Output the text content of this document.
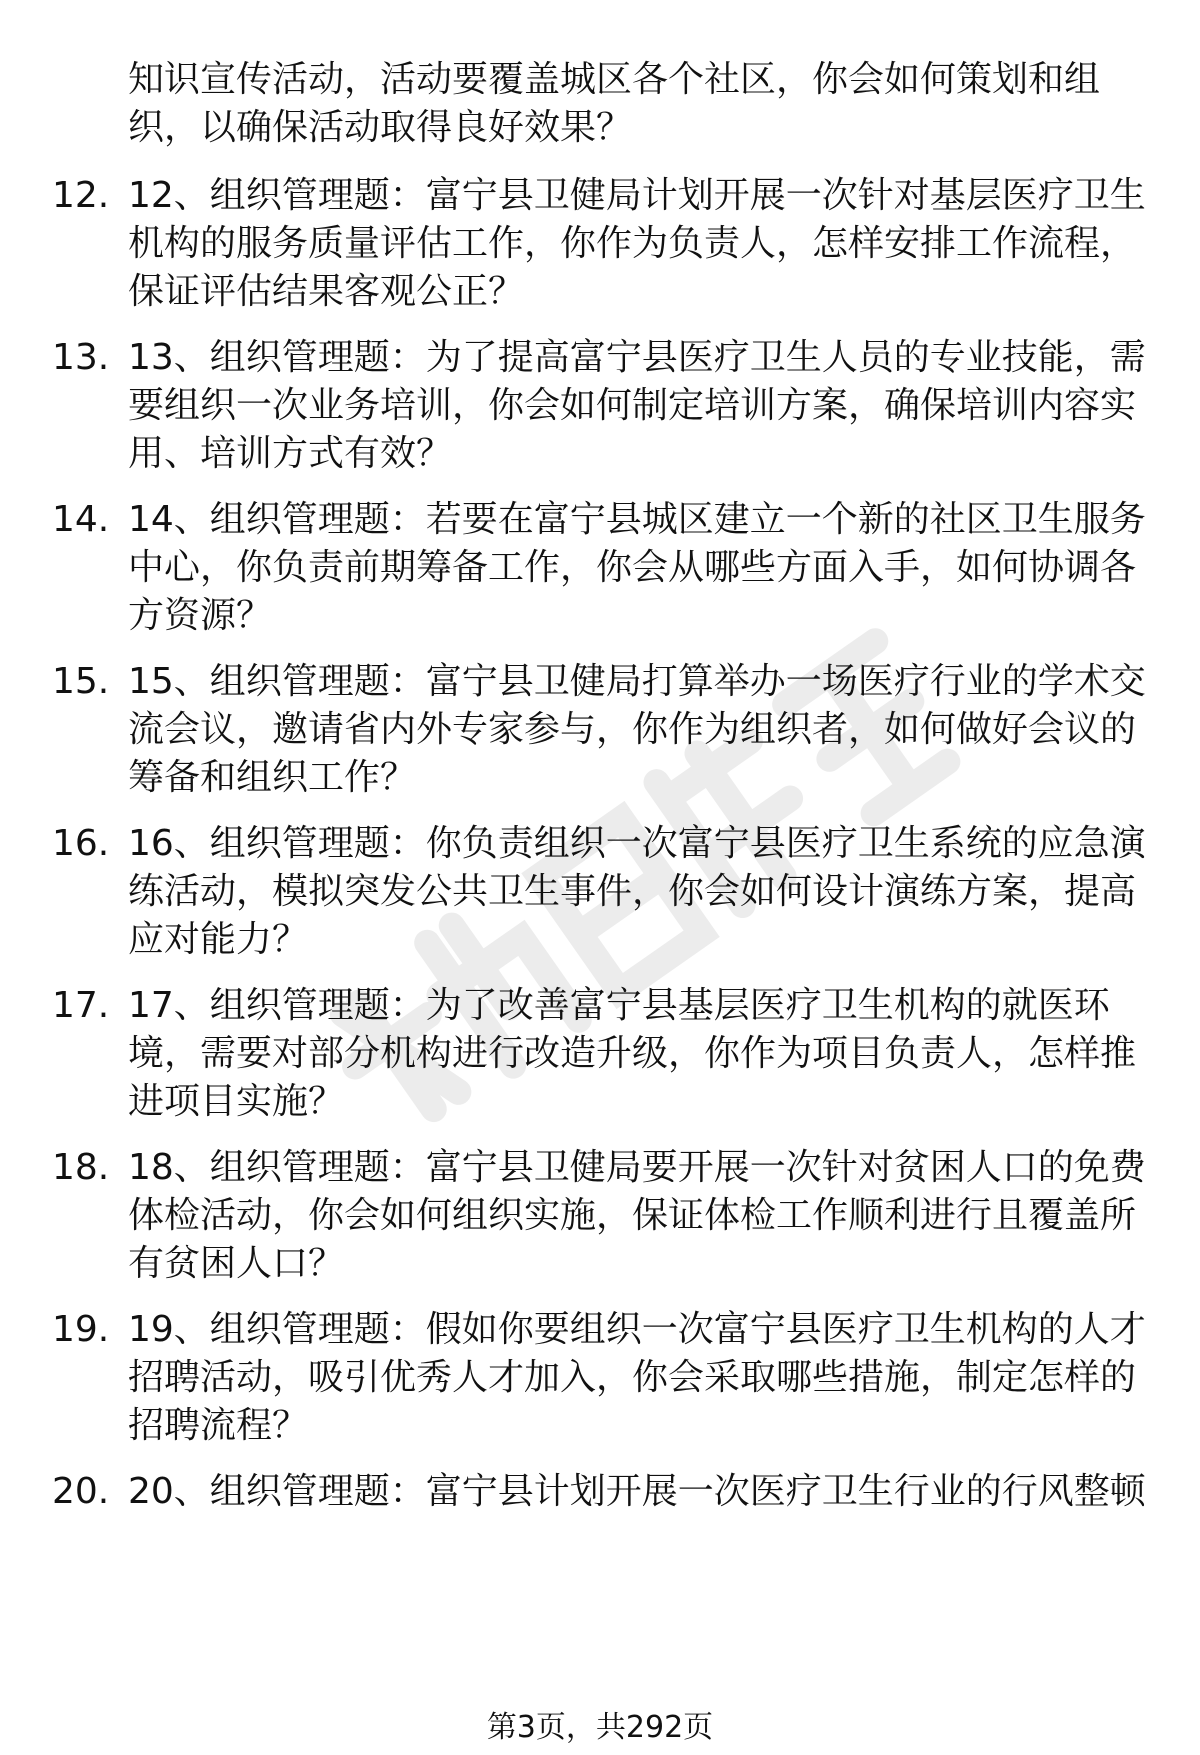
知识宣传活动，活动要覆盖城区各个社区，你会如何策划和组织，以确保活动取得良好效果？
12. 12、组织管理题：富宁县卫健局计划开展一次针对基层医疗卫生机构的服务质量评估工作，你作为负责人，怎样安排工作流程，保证评估结果客观公正？
13. 13、组织管理题：为了提高富宁县医疗卫生人员的专业技能，需要组织一次业务培训，你会如何制定培训方案，确保培训内容实用、培训方式有效？
14. 14、组织管理题：若要在富宁县城区建立一个新的社区卫生服务中心，你负责前期筹备工作，你会从哪些方面入手，如何协调各方资源？
15. 15、组织管理题：富宁县卫健局打算举办一场医疗行业的学术交流会议，邀请省内外专家参与，你作为组织者，如何做好会议的筹备和组织工作？
16. 16、组织管理题：你负责组织一次富宁县医疗卫生系统的应急演练活动，模拟突发公共卫生事件，你会如何设计演练方案，提高应对能力？
17. 17、组织管理题：为了改善富宁县基层医疗卫生机构的就医环境，需要对部分机构进行改造升级，你作为项目负责人，怎样推进项目实施？
18. 18、组织管理题：富宁县卫健局要开展一次针对贫困人口的免费体检活动，你会如何组织实施，保证体检工作顺利进行且覆盖所有贫困人口？
19. 19、组织管理题：假如你要组织一次富宁县医疗卫生机构的人才招聘活动，吸引优秀人才加入，你会采取哪些措施，制定怎样的招聘流程？
20. 20、组织管理题：富宁县计划开展一次医疗卫生行业的行风整顿
第3页，共292页
